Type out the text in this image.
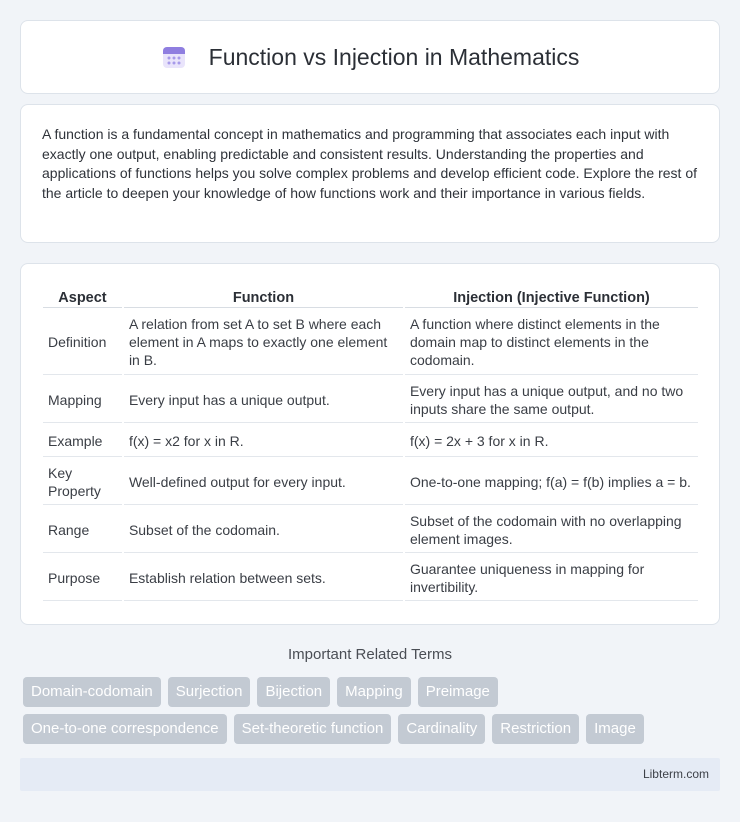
Function vs Injection in Mathematics

A function is a fundamental concept in mathematics and programming that associates each input with exactly one output, enabling predictable and consistent results. Understanding the properties and applications of functions helps you solve complex problems and develop efficient code. Explore the rest of the article to deepen your knowledge of how functions work and their importance in various fields.

Aspect	Function	Injection (Injective Function)
Definition	A relation from set A to set B where each element in A maps to exactly one element in B.	A function where distinct elements in the domain map to distinct elements in the codomain.
Mapping	Every input has a unique output.	Every input has a unique output, and no two inputs share the same output.
Example	f(x) = x2 for x in R.	f(x) = 2x + 3 for x in R.
Key Property	Well-defined output for every input.	One-to-one mapping; f(a) = f(b) implies a = b.
Range	Subset of the codomain.	Subset of the codomain with no overlapping element images.
Purpose	Establish relation between sets.	Guarantee uniqueness in mapping for invertibility.
Important Related Terms
Domain-codomain	Surjection	Bijection	Mapping	Preimage
One-to-one correspondence	Set-theoretic function	Cardinality	Restriction	Image
Libterm.com
